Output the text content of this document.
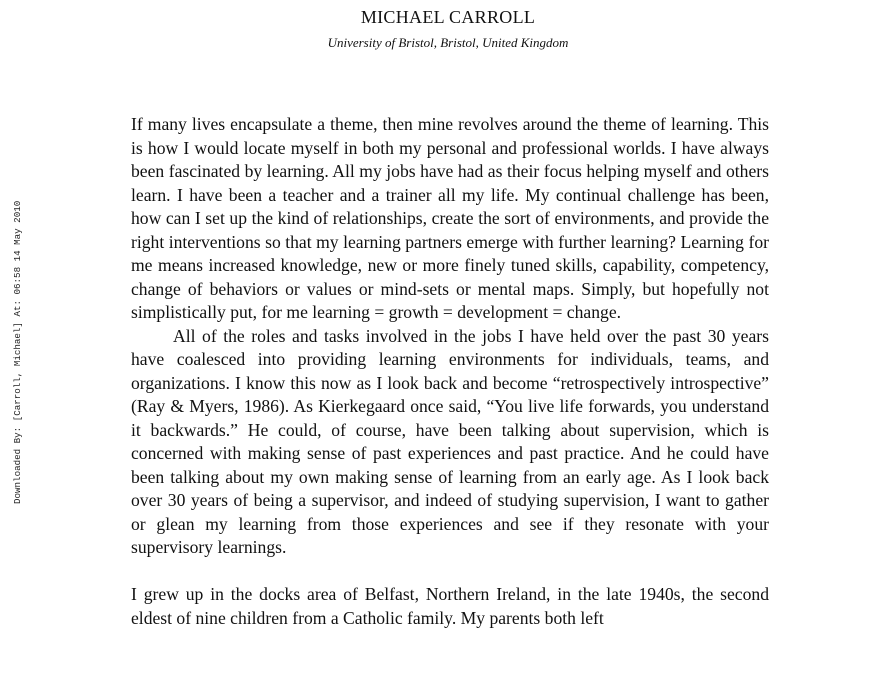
MICHAEL CARROLL
University of Bristol, Bristol, United Kingdom
Downloaded By: [Carroll, Michael] At: 06:58 14 May 2010

If many lives encapsulate a theme, then mine revolves around the theme of learning. This is how I would locate myself in both my personal and professional worlds. I have always been fascinated by learning. All my jobs have had as their focus helping myself and others learn. I have been a teacher and a trainer all my life. My continual challenge has been, how can I set up the kind of relationships, create the sort of environments, and provide the right interventions so that my learning partners emerge with further learning? Learning for me means increased knowledge, new or more finely tuned skills, capability, competency, change of behaviors or values or mind-sets or mental maps. Simply, but hopefully not simplistically put, for me learning = growth = development = change.

All of the roles and tasks involved in the jobs I have held over the past 30 years have coalesced into providing learning environments for individuals, teams, and organizations. I know this now as I look back and become “retrospectively introspective” (Ray & Myers, 1986). As Kierkegaard once said, “You live life forwards, you understand it backwards.” He could, of course, have been talking about supervision, which is concerned with making sense of past experiences and past practice. And he could have been talking about my own making sense of learning from an early age. As I look back over 30 years of being a supervisor, and indeed of studying supervision, I want to gather or glean my learning from those experiences and see if they resonate with your supervisory learnings.

I grew up in the docks area of Belfast, Northern Ireland, in the late 1940s, the second eldest of nine children from a Catholic family. My parents both left
